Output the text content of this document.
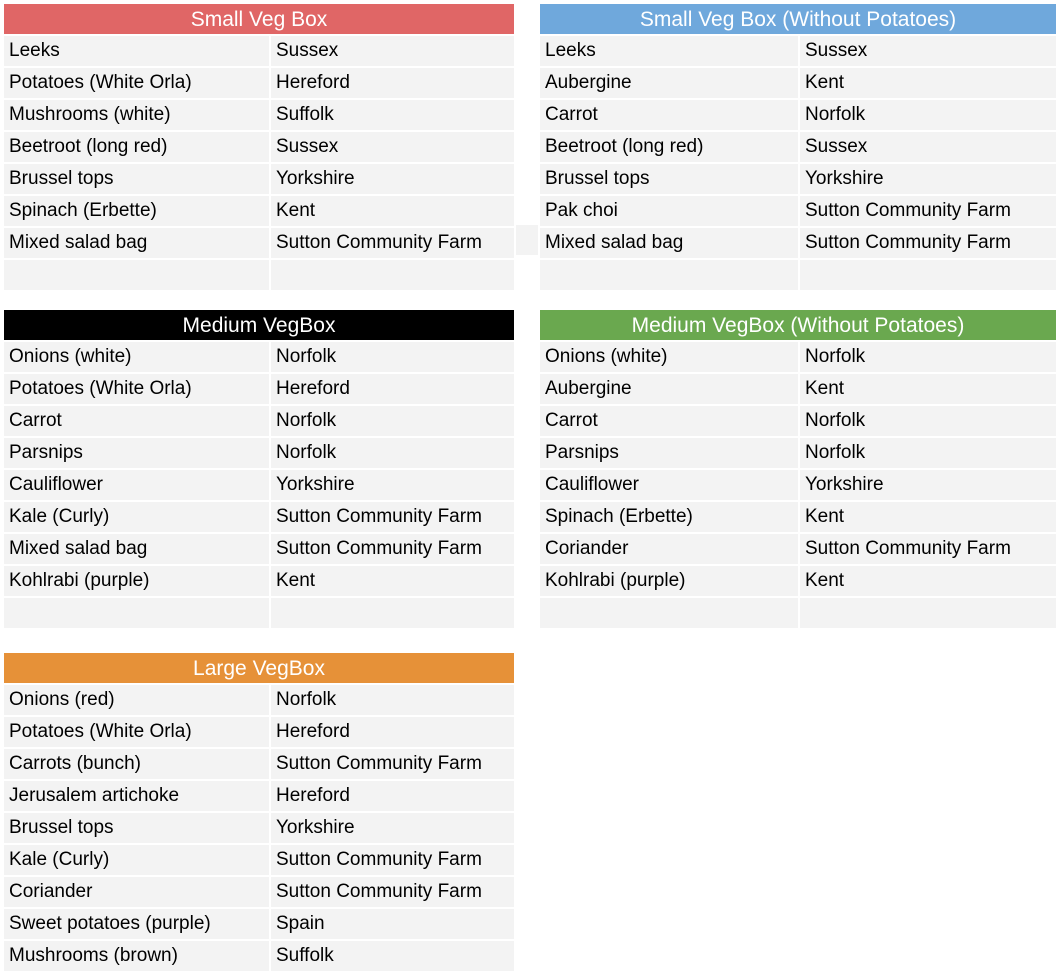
Small Veg Box
Leeks	Sussex
Potatoes (White Orla)	Hereford
Mushrooms (white)	Suffolk
Beetroot (long red)	Sussex
Brussel tops	Yorkshire
Spinach (Erbette)	Kent
Mixed salad bag	Sutton Community Farm
Small Veg Box (Without Potatoes)
Leeks	Sussex
Aubergine	Kent
Carrot	Norfolk
Beetroot (long red)	Sussex
Brussel tops	Yorkshire
Pak choi	Sutton Community Farm
Mixed salad bag	Sutton Community Farm
Medium VegBox
Onions (white)	Norfolk
Potatoes (White Orla)	Hereford
Carrot	Norfolk
Parsnips	Norfolk
Cauliflower	Yorkshire
Kale (Curly)	Sutton Community Farm
Mixed salad bag	Sutton Community Farm
Kohlrabi (purple)	Kent
Medium VegBox (Without Potatoes)
Onions (white)	Norfolk
Aubergine	Kent
Carrot	Norfolk
Parsnips	Norfolk
Cauliflower	Yorkshire
Spinach (Erbette)	Kent
Coriander	Sutton Community Farm
Kohlrabi (purple)	Kent
Large VegBox
Onions (red)	Norfolk
Potatoes (White Orla)	Hereford
Carrots (bunch)	Sutton Community Farm
Jerusalem artichoke	Hereford
Brussel tops	Yorkshire
Kale (Curly)	Sutton Community Farm
Coriander	Sutton Community Farm
Sweet potatoes (purple)	Spain
Mushrooms (brown)	Suffolk
